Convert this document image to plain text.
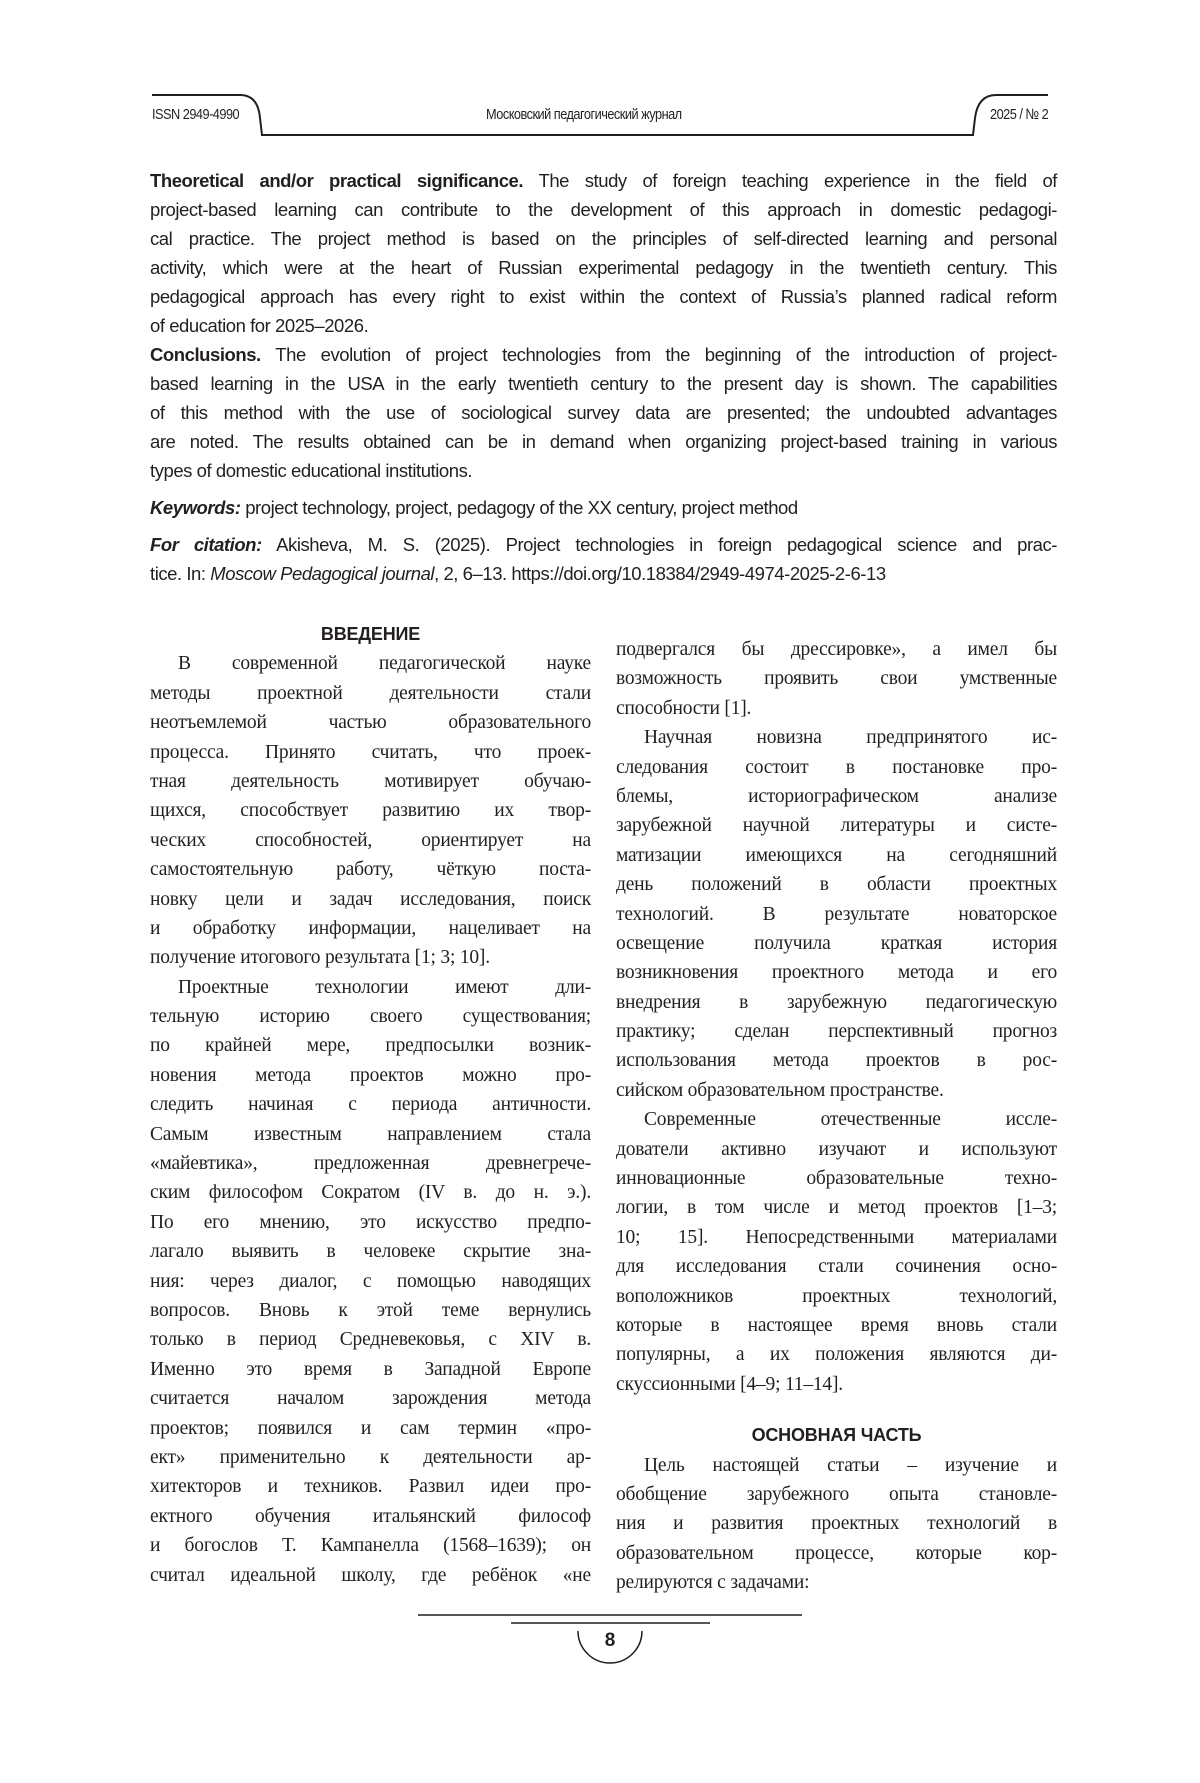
ISSN 2949-4990	Московский педагогический журнал	2025 / № 2
Theoretical and/or practical significance. The study of foreign teaching experience in the field of
project-based learning can contribute to the development of this approach in domestic pedagogi-
cal practice. The project method is based on the principles of self-directed learning and personal
activity, which were at the heart of Russian experimental pedagogy in the twentieth century. This
pedagogical approach has every right to exist within the context of Russia’s planned radical reform
of education for 2025–2026.
Conclusions. The evolution of project technologies from the beginning of the introduction of project-
based learning in the USA in the early twentieth century to the present day is shown. The capabilities
of this method with the use of sociological survey data are presented; the undoubted advantages
are noted. The results obtained can be in demand when organizing project-based training in various
types of domestic educational institutions.
Keywords: project technology, project, pedagogy of the XX century, project method
For citation: Akisheva, M. S. (2025). Project technologies in foreign pedagogical science and prac-
tice. In: Moscow Pedagogical journal, 2, 6–13. https://doi.org/10.18384/2949-4974-2025-2-6-13
ВВЕДЕНИЕ
В современной педагогической науке
методы проектной деятельности стали
неотъемлемой частью образовательного
процесса. Принято считать, что проек-
тная деятельность мотивирует обучаю-
щихся, способствует развитию их твор-
ческих способностей, ориентирует на
самостоятельную работу, чёткую поста-
новку цели и задач исследования, поиск
и обработку информации, нацеливает на
получение итогового результата [1; 3; 10].
Проектные технологии имеют дли-
тельную историю своего существования;
по крайней мере, предпосылки возник-
новения метода проектов можно про-
следить начиная с периода античности.
Самым известным направлением стала
«майевтика», предложенная древнегрече-
ским философом Сократом (IV в. до н. э.).
По его мнению, это искусство предпо-
лагало выявить в человеке скрытие зна-
ния: через диалог, с помощью наводящих
вопросов. Вновь к этой теме вернулись
только в период Средневековья, с XIV в.
Именно это время в Западной Европе
считается началом зарождения метода
проектов; появился и сам термин «про-
ект» применительно к деятельности ар-
хитекторов и техников. Развил идеи про-
ектного обучения итальянский философ
и богослов Т. Кампанелла (1568–1639); он
считал идеальной школу, где ребёнок «не
подвергался бы дрессировке», а имел бы
возможность проявить свои умственные
способности [1].
Научная новизна предпринятого ис-
следования состоит в постановке про-
блемы, историографическом анализе
зарубежной научной литературы и систе-
матизации имеющихся на сегодняшний
день положений в области проектных
технологий. В результате новаторское
освещение получила краткая история
возникновения проектного метода и его
внедрения в зарубежную педагогическую
практику; сделан перспективный прогноз
использования метода проектов в рос-
сийском образовательном пространстве.
Современные отечественные иссле-
дователи активно изучают и используют
инновационные образовательные техно-
логии, в том числе и метод проектов [1–3;
10; 15]. Непосредственными материалами
для исследования стали сочинения осно-
воположников проектных технологий,
которые в настоящее время вновь стали
популярны, а их положения являются ди-
скуссионными [4–9; 11–14].
ОСНОВНАЯ ЧАСТЬ
Цель настоящей статьи – изучение и
обобщение зарубежного опыта становле-
ния и развития проектных технологий в
образовательном процессе, которые кор-
релируются с задачами:
8
